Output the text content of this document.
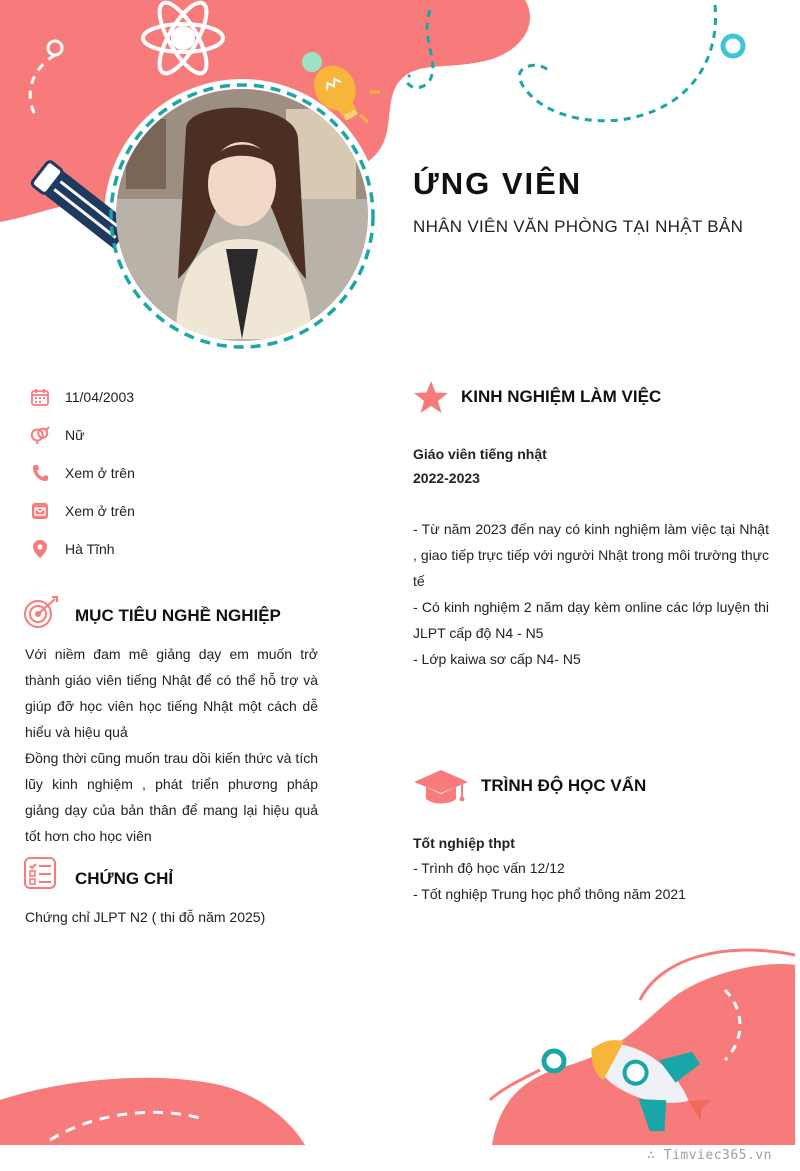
ỨNG VIÊN
NHÂN VIÊN VĂN PHÒNG TẠI NHẬT BẢN
11/04/2003
Nữ
Xem ở trên
Xem ở trên
Hà Tĩnh
MỤC TIÊU NGHỀ NGHIỆP

Với niềm đam mê giảng dạy em muốn trở thành giáo viên tiếng Nhật để có thể hỗ trợ và giúp đỡ học viên học tiếng Nhật một cách dễ hiểu và hiệu quả

Đồng thời cũng muốn trau dồi kiến thức và tích lũy kinh nghiệm , phát triển phương pháp giảng dạy của bản thân để mang lại hiệu quả tốt hơn cho học viên

CHỨNG CHỈ
Chứng chỉ JLPT N2 ( thi đỗ năm 2025)
KINH NGHIỆM LÀM VIỆC
Giáo viên tiếng nhật
2022-2023

- Từ năm 2023 đến nay có kinh nghiệm làm việc tại Nhật , giao tiếp trực tiếp với người Nhật trong môi trường thực tế

- Có kinh nghiệm 2 năm dạy kèm online các lớp luyện thi JLPT cấp độ N4 - N5

- Lớp kaiwa sơ cấp N4- N5

TRÌNH ĐỘ HỌC VẤN
Tốt nghiệp thpt
- Trình độ học vấn 12/12
- Tốt nghiệp Trung học phổ thông năm 2021
∴ Timviec365.vn
